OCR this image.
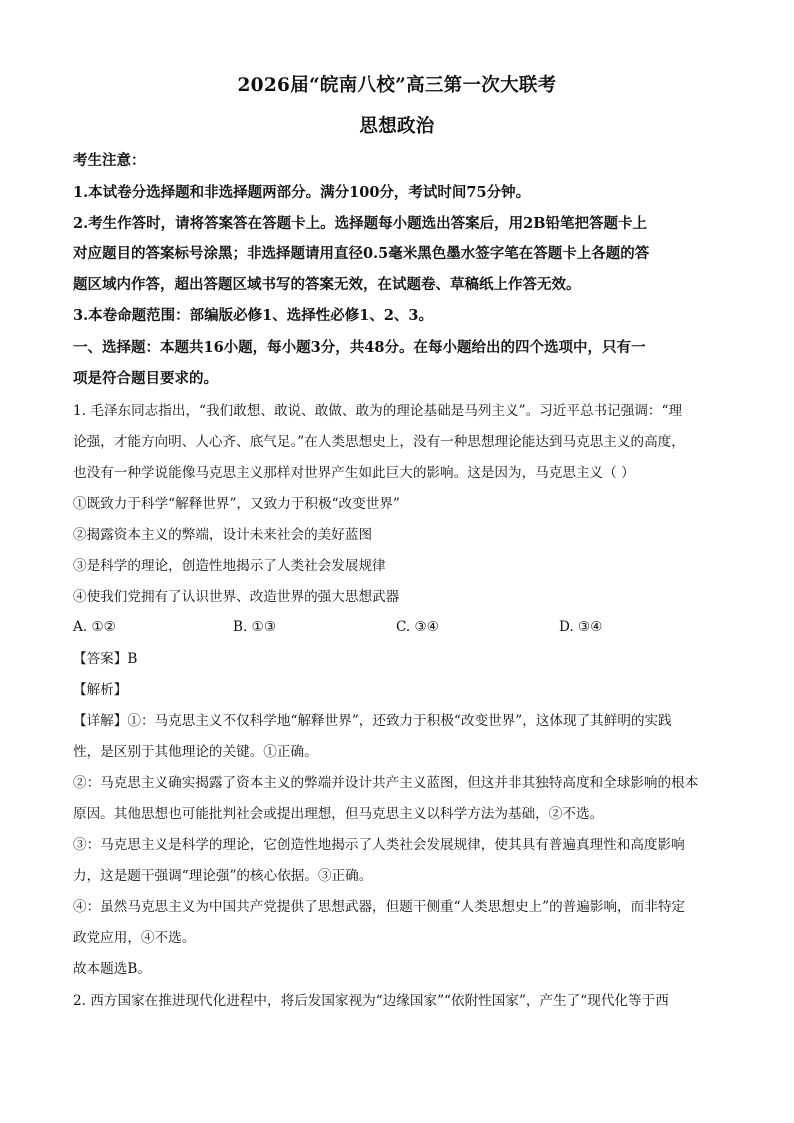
2026届“皖南八校”高三第一次大联考
思想政治
考生注意：
1.本试卷分选择题和非选择题两部分。满分100分，考试时间75分钟。
2.考生作答时，请将答案答在答题卡上。选择题每小题选出答案后，用2B铅笔把答题卡上
对应题目的答案标号涂黑；非选择题请用直径0.5毫米黑色墨水签字笔在答题卡上各题的答
题区域内作答，超出答题区域书写的答案无效，在试题卷、草稿纸上作答无效。
3.本卷命题范围：部编版必修1、选择性必修1、2、3。
一、选择题：本题共16小题，每小题3分，共48分。在每小题给出的四个选项中，只有一
项是符合题目要求的。
1. 毛泽东同志指出，“我们敢想、敢说、敢做、敢为的理论基础是马列主义”。习近平总书记强调：“理
论强，才能方向明、人心齐、底气足。”在人类思想史上，没有一种思想理论能达到马克思主义的高度，
也没有一种学说能像马克思主义那样对世界产生如此巨大的影响。这是因为，马克思主义（ ）
①既致力于科学“解释世界”，又致力于积极“改变世界”
②揭露资本主义的弊端，设计未来社会的美好蓝图
③是科学的理论，创造性地揭示了人类社会发展规律
④使我们党拥有了认识世界、改造世界的强大思想武器
A. ①②	B. ①③	C. ③④	D. ③④
【答案】B
【解析】
【详解】①：马克思主义不仅科学地“解释世界”，还致力于积极“改变世界”，这体现了其鲜明的实践
性，是区别于其他理论的关键。①正确。
②：马克思主义确实揭露了资本主义的弊端并设计共产主义蓝图，但这并非其独特高度和全球影响的根本
原因。其他思想也可能批判社会或提出理想，但马克思主义以科学方法为基础，②不选。
③：马克思主义是科学的理论，它创造性地揭示了人类社会发展规律，使其具有普遍真理性和高度影响
力，这是题干强调“理论强”的核心依据。③正确。
④：虽然马克思主义为中国共产党提供了思想武器，但题干侧重“人类思想史上”的普遍影响，而非特定
政党应用，④不选。
故本题选B。
2. 西方国家在推进现代化进程中，将后发国家视为“边缘国家”“依附性国家”，产生了“现代化等于西
